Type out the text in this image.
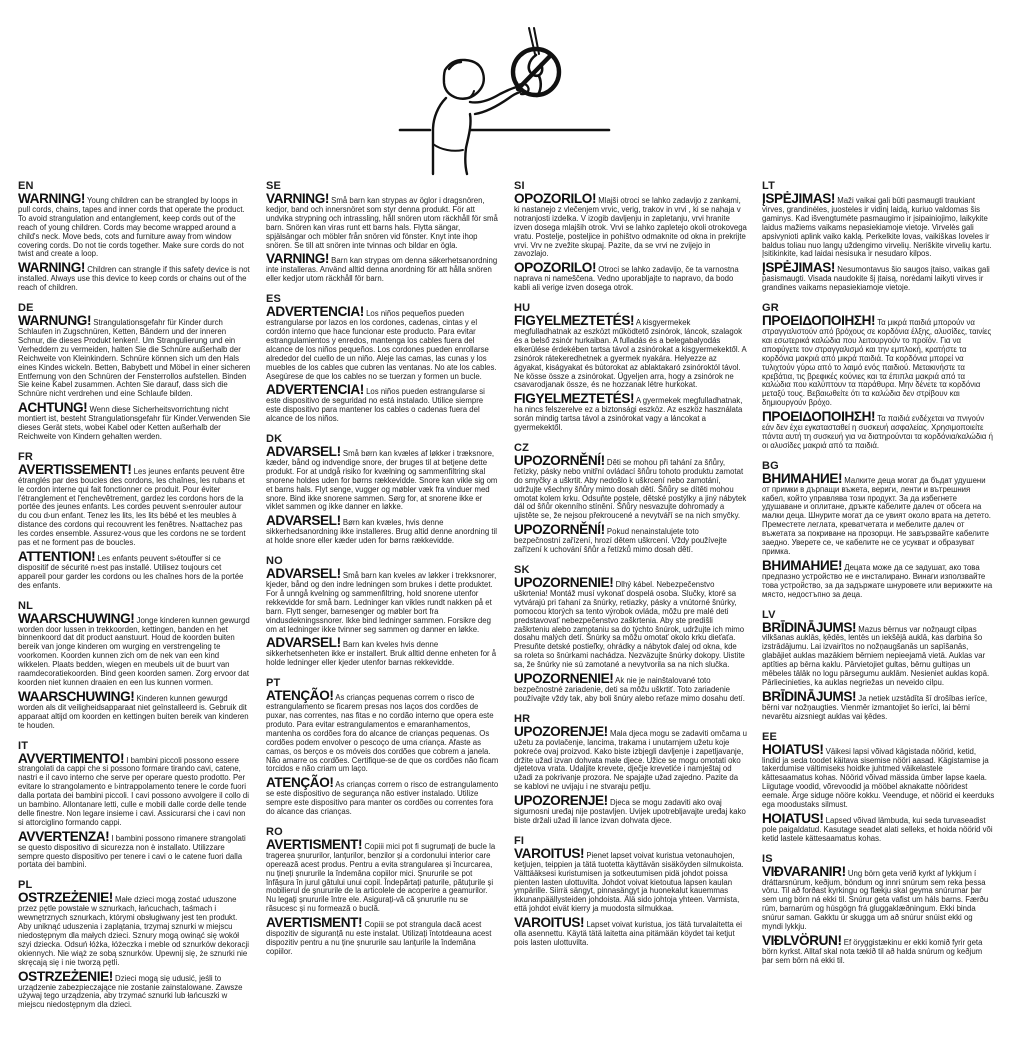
EN

WARNING! Young children can be strangled by loops in pull cords, chains, tapes and inner cords that operate the product. To avoid strangulation and entanglement, keep cords out of the reach of young children. Cords may become wrapped around a child's neck. Move beds, cots and furniture away from window covering cords. Do not tie cords together. Make sure cords do not twist and create a loop.

WARNING! Children can strangle if this safety device is not installed. Always use this device to keep cords or chains out of the reach of children.

DE

WARNUNG! Strangulationsgefahr für Kinder durch Schlaufen in Zugschnüren, Ketten, Bändern und der inneren Schnur, die dieses Produkt lenken!. Um Strangulierung und ein Verheddern zu vermeiden, halten Sie die Schnüre außerhalb der Reichweite von Kleinkindern. Schnüre können sich um den Hals eines Kindes wickeln. Betten, Babybett und Möbel in einer sicheren Entfernung von den Schnüren der Fensterrollos aufstellen. Binden Sie keine Kabel zusammen. Achten Sie darauf, dass sich die Schnüre nicht verdrehen und eine Schlaufe bilden.

ACHTUNG! Wenn diese Sicherheitsvorrichtung nicht montiert ist, besteht Strangulationsgefahr für Kinder.Verwenden Sie dieses Gerät stets, wobei Kabel oder Ketten außerhalb der Reichweite von Kindern gehalten werden.

FR

AVERTISSEMENT! Les jeunes enfants peuvent être étranglés par des boucles des cordons, les chaînes, les rubans et le cordon interne qui fait fonctionner ce produit. Pour éviter l'étranglement et l'enchevêtrement, gardez les cordons hors de la portée des jeunes enfants. Les cordes peuvent s›enrouler autour du cou d›un enfant. Tenez les lits, les lits bébé et les meubles à distance des cordons qui recouvrent les fenêtres. N›attachez pas les cordes ensemble. Assurez-vous que les cordons ne se tordent pas et ne forment pas de boucles.

ATTENTION! Les enfants peuvent s›étouffer si ce dispositif de sécurité n›est pas installé. Utilisez toujours cet appareil pour garder les cordons ou les chaînes hors de la portée des enfants.

NL

WAARSCHUWING! Jonge kinderen kunnen gewurgd worden door lussen in trekkoorden, kettingen, banden en het binnenkoord dat dit product aanstuurt. Houd de koorden buiten bereik van jonge kinderen om wurging en verstrengeling te voorkomen. Koorden kunnen zich om de nek van een kind wikkelen. Plaats bedden, wiegen en meubels uit de buurt van raamdecoratiekoorden. Bind geen koorden samen. Zorg ervoor dat koorden niet kunnen draaien en een lus kunnen vormen.

WAARSCHUWING! Kinderen kunnen gewurgd worden als dit veiligheidsapparaat niet geïnstalleerd is. Gebruik dit apparaat altijd om koorden en kettingen buiten bereik van kinderen te houden.

IT

AVVERTIMENTO! I bambini piccoli possono essere strangolati da cappi che si possono formare tirando cavi, catene, nastri e il cavo interno che serve per operare questo prodotto. Per evitare lo strangolamento e l›intrappolamento tenere le corde fuori dalla portata dei bambini piccoli. I cavi possono avvolgere il collo di un bambino. Allontanare letti, culle e mobili dalle corde delle tende delle finestre. Non legare insieme i cavi. Assicurarsi che i cavi non si attorciglino formando cappi.

AVVERTENZA! I bambini possono rimanere strangolati se questo dispositivo di sicurezza non è installato. Utilizzare sempre questo dispositivo per tenere i cavi o le catene fuori dalla portata dei bambini.

PL

OSTRZEŻENIE! Małe dzieci mogą zostać uduszone przez pętle powstałe w sznurkach, łańcuchach, taśmach i wewnętrznych sznurkach, którymi obsługiwany jest ten produkt. Aby uniknąć uduszenia i zaplątania, trzymaj sznurki w miejscu niedostępnym dla małych dzieci. Sznury mogą owinąć się wokół szyi dziecka. Odsuń łóżka, łóżeczka i meble od sznurków dekoracji okiennych. Nie wiąż ze sobą sznurków. Upewnij się, że sznurki nie skręcają się i nie tworzą pętli.

OSTRZEŻENIE! Dzieci mogą się udusić, jeśli to urządzenie zabezpieczające nie zostanie zainstalowane. Zawsze używaj tego urządzenia, aby trzymać sznurki lub łańcuszki w miejscu niedostępnym dla dzieci.

SE

VARNING! Små barn kan strypas av öglor i dragsnören, kedjor, band och innersnöret som styr denna produkt. För att undvika strypning och intrassling, håll snören utom räckhåll för små barn. Snören kan viras runt ett barns hals. Flytta sängar, spjälsängar och möbler från snören vid fönster. Knyt inte ihop snören. Se till att snören inte tvinnas och bildar en ögla.

VARNING! Barn kan strypas om denna säkerhetsanordning inte installeras. Använd alltid denna anordning för att hålla snören eller kedjor utom räckhåll för barn.

ES

ADVERTENCIA! Los niños pequeños pueden estrangularse por lazos en los cordones, cadenas, cintas y el cordón interno que hace funcionar este producto. Para evitar estrangulamientos y enredos, mantenga los cables fuera del alcance de los niños pequeños. Los cordones pueden enrollarse alrededor del cuello de un niño. Aleje las camas, las cunas y los muebles de los cables que cubren las ventanas. No ate los cables. Asegúrese de que los cables no se tuerzan y formen un bucle.

ADVERTENCIA! Los niños pueden estrangularse si este dispositivo de seguridad no está instalado. Utilice siempre este dispositivo para mantener los cables o cadenas fuera del alcance de los niños.

DK

ADVARSEL! Små børn kan kvæles af løkker i træksnore, kæder, bånd og indvendige snore, der bruges til at betjene dette produkt. For at undgå risiko for kvælning og sammenfiltring skal snorene holdes uden for børns rækkevidde. Snore kan vikle sig om et barns hals. Flyt senge, vugger og møbler væk fra vinduer med snore. Bind ikke snorene sammen. Sørg for, at snorene ikke er viklet sammen og ikke danner en løkke.

ADVARSEL! Børn kan kvæles, hvis denne sikkerhedsanordning ikke installeres. Brug altid denne anordning til at holde snore eller kæder uden for børns rækkevidde.

NO

ADVARSEL! Små barn kan kveles av løkker i trekksnorer, kjeder, bånd og den indre ledningen som brukes i dette produktet. For å unngå kvelning og sammenfiltring, hold snorene utenfor rekkevidde for små barn. Ledninger kan vikles rundt nakken på et barn. Flytt senger, barnesenger og møbler bort fra vindusdekningssnorer. Ikke bind ledninger sammen. Forsikre deg om at ledninger ikke tvinner seg sammen og danner en løkke.

ADVARSEL! Barn kan kveles hvis denne sikkerhetsenheten ikke er installert. Bruk alltid denne enheten for å holde ledninger eller kjeder utenfor barnas rekkevidde.

PT

ATENÇÃO! As crianças pequenas correm o risco de estrangulamento se ficarem presas nos laços dos cordões de puxar, nas correntes, nas fitas e no cordão interno que opera este produto. Para evitar estrangulamentos e emaranhamentos, mantenha os cordões fora do alcance de crianças pequenas. Os cordões podem envolver o pescoço de uma criança. Afaste as camas, os berços e os móveis dos cordões que cobrem a janela. Não amarre os cordões. Certifique-se de que os cordões não ficam torcidos e não criam um laço.

ATENÇÃO! As crianças correm o risco de estrangulamento se este dispositivo de segurança não estiver instalado. Utilize sempre este dispositivo para manter os cordões ou correntes fora do alcance das crianças.

RO

AVERTISMENT! Copiii mici pot fi sugrumați de bucle la tragerea șnururilor, lanțurilor, benzilor și a cordonului interior care operează acest produs. Pentru a evita strangularea și încurcarea, nu țineți șnururile la îndemâna copiilor mici. Șnururile se pot înfășura în jurul gâtului unui copil. Îndepărtați paturile, pătuțurile și mobilierul de șnururile de la articolele de acoperire a geamurilor. Nu legați șnururile între ele. Asigurați-vă că șnururile nu se răsucesc și nu formează o buclă.

AVERTISMENT! Copiii se pot strangula dacă acest dispozitiv de siguranță nu este instalat. Utilizați întotdeauna acest dispozitiv pentru a nu ține șnururile sau lanțurile la îndemâna copiilor.

SI

OPOZORILO! Mlajši otroci se lahko zadavijo z zankami, ki nastanejo z vlečenjem vrvic, verig, trakov in vrvi , ki se nahaja v notranjosti izdelka. V izogib davljenju in zapletanju, vrvi hranite izven dosega mlajših otrok. Vrvi se lahko zapletejo okoli otrokovega vratu. Postelje, posteljice in pohištvo odmaknite od okna in prekrijte vrvi. Vrv ne zvežite skupaj. Pazite, da se vrvi ne zvijejo in zavozlajo.

OPOZORILO! Otroci se lahko zadavijo, če ta varnostna naprava ni nameščena. Vedno uporabljajte to napravo, da bodo kabli ali verige izven dosega otrok.

HU

FIGYELMEZTETÉS! A kisgyermekek megfulladhatnak az eszközt működtető zsinórok, láncok, szalagok és a belső zsinór hurkaiban. A fulladás és a belegabalyodás elkerülése érdekében tartsa távol a zsinórokat a kisgyermekektől. A zsinórok rátekeredhetnek a gyermek nyakára. Helyezze az ágyakat, kiságyakat és bútorokat az ablaktakaró zsinóroktól távol. Ne kösse össze a zsinórokat. Ügyeljen arra, hogy a zsinórok ne csavarodjanak össze, és ne hozzanak létre hurkokat.

FIGYELMEZTETÉS! A gyermekek megfulladhatnak, ha nincs felszerelve ez a biztonsági eszköz. Az eszköz használata során mindig tartsa távol a zsinórokat vagy a láncokat a gyermekektől.

CZ

UPOZORNĚNÍ! Děti se mohou při tahání za šňůry, řetízky, pásky nebo vnitřní ovládací šňůru tohoto produktu zamotat do smyčky a uškrtit. Aby nedošlo k uškrcení nebo zamotání, udržujte všechny šňůry mimo dosah dětí. Šňůry se dítěti mohou omotat kolem krku. Odsuňte postele, dětské postýlky a jiný nábytek dál od šňůr okenního stínění. Šňůry nesvazujte dohromady a ujistěte se, že nejsou překroucené a nevytváří se na nich smyčky.

UPOZORNĚNÍ! Pokud nenainstalujete toto bezpečnostní zařízení, hrozí dětem uškrcení. Vždy používejte zařízení k uchování šňůr a řetízků mimo dosah dětí.

SK

UPOZORNENIE! Dlhý kábel. Nebezpečenstvo uškrtenia! Montáž musí vykonať dospelá osoba. Slučky, ktoré sa vytvárajú pri ťahaní za šnúrky, retiazky, pásky a vnútorné šnúrky, pomocou ktorých sa tento výrobok ovláda, môžu pre malé deti predstavovať nebezpečenstvo zaškrtenia. Aby ste predišli zaškrteniu alebo zamotaniu sa do týchto šnúrok, udržujte ich mimo dosahu malých detí. Šnúrky sa môžu omotať okolo krku dieťaťa. Presuňte detské postieľky, ohrádky a nábytok ďalej od okna, kde sa roleta so šnúrkami nachádza. Nezväzujte šnúrky dokopy. Uistite sa, že šnúrky nie sú zamotané a nevytvorila sa na nich slučka.

UPOZORNENIE! Ak nie je nainštalované toto bezpečnostné zariadenie, deti sa môžu uškrtiť. Toto zariadenie používajte vždy tak, aby boli šnúry alebo reťaze mimo dosahu detí.

HR

UPOZORENJE! Mala djeca mogu se zadaviti omčama u užetu za povlačenje, lancima, trakama i unutarnjem užetu koje pokreće ovaj proizvod. Kako biste izbjegli davljenje i zapetljavanje, držite užad izvan dohvata male djece. Užice se mogu omotati oko djetetova vrata. Udaljite krevete, dječje krevetiće i namještaj od užadi za pokrivanje prozora. Ne spajajte užad zajedno. Pazite da se kablovi ne uvijaju i ne stvaraju petlju.

UPOZORENJE! Djeca se mogu zadaviti ako ovaj sigurnosni uređaj nije postavljen. Uvijek upotrebljavajte uređaj kako biste držali užad ili lance izvan dohvata djece.

FI

VAROITUS! Pienet lapset voivat kuristua vetonauhojen, ketjujen, teippien ja tätä tuotetta käyttävän sisäköyden silmukoista. Välttääksesi kuristumisen ja sotkeutumisen pidä johdot poissa pienten lasten ulottuvilta. Johdot voivat kietoutua lapsen kaulan ympärille. Siirrä sängyt, pinnasängyt ja huonekalut kauemmas ikkunanpäällysteiden johdoista. Älä sido johtoja yhteen. Varmista, että johdot eivät kierry ja muodosta silmukkaa.

VAROITUS! Lapset voivat kuristua, jos tätä turvalaitetta ei olla asennettu. Käytä tätä laitetta aina pitämään köydet tai ketjut pois lasten ulottuvilta.

LT

ĮSPĖJIMAS! Maži vaikai gali būti pasmaugti traukiant virves, grandinėles, juosteles ir vidinį laidą, kuriuo valdomas šis gaminys. Kad išvengtumėte pasmaugimo ir įsipainiojimo, laikykite laidus mažiems vaikams nepasiekiamoje vietoje. Virvelės gali apsivynioti aplink vaiko kaklą. Perkelkite lovas, vaikiškas loveles ir baldus toliau nuo langų uždengimo virvelių. Neriškite virvelių kartu. Įsitikinkite, kad laidai nesisuka ir nesudaro kilpos.

ĮSPĖJIMAS! Nesumontavus šio saugos įtaiso, vaikas gali pasismaugti. Visada naudokite šį įtaisą, norėdami laikyti virves ir grandines vaikams nepasiekiamoje vietoje.

GR

ΠΡΟΕΙΔΟΠΟΙΗΣΗ! Τα μικρά παιδιά μπορούν να στραγγαλιστούν από βρόχους σε κορδόνια έλξης, αλυσίδες, ταινίες και εσωτερικά καλώδια που λειτουργούν το προϊόν. Για να αποφύγετε τον στραγγαλισμό και την εμπλοκή, κρατήστε τα κορδόνια μακριά από μικρά παιδιά. Τα κορδόνια μπορεί να τυλιχτούν γύρω από το λαιμό ενός παιδιού. Μετακινήστε τα κρεβάτια, τις βρεφικές κούνιες και τα έπιπλα μακριά από τα καλώδια που καλύπτουν τα παράθυρα. Μην δένετε τα κορδόνια μεταξύ τους. Βεβαιωθείτε ότι τα καλώδια δεν στρίβουν και δημιουργούν βρόχο.

ΠΡΟΕΙΔΟΠΟΙΗΣΗ! Τα παιδιά ενδέχεται να πνιγούν εάν δεν έχει εγκατασταθεί η συσκευή ασφαλείας. Χρησιμοποιείτε πάντα αυτή τη συσκευή για να διατηρούνται τα κορδόνια/καλώδια ή οι αλυσίδες μακριά από τα παιδιά.

BG

ВНИМАНИЕ! Малките деца могат да бъдат удушени от примки в дърпащи въжета, вериги, ленти и вътрешния кабел, който управлява този продукт. За да избегнете удушаване и оплитане, дръжте кабелите далеч от обсега на малки деца. Шнурите могат да се увият около врата на детето. Преместете леглата, креватчетата и мебелите далеч от въжетата за покриване на прозорци. Не завързвайте кабелите заедно. Уверете се, че кабелите не се усукват и образуват примка.

ВНИМАНИЕ! Децата може да се задушат, ако това предпазно устройство не е инсталирано. Винаги използвайте това устройство, за да задържате шнуровете или верижките на място, недостъпно за деца.

LV

BRĪDINĀJUMS! Mazus bērnus var nožņaugt cilpas vilkšanas auklās, ķēdēs, lentēs un iekšējā auklā, kas darbina šo izstrādājumu. Lai izvairītos no nožņaugšanās un sapīšanās, glabājiet auklas mazākiem bērniem nepieejamā vietā. Auklas var aptīties ap bērna kaklu. Pārvietojiet gultas, bērnu gultiņas un mēbeles tālāk no logu pārsegumu auklām. Nesieniet auklas kopā. Pārliecinieties, ka auklas negriežas un neveido cilpu.

BRĪDINĀJUMS! Ja netiek uzstādīta šī drošības ierīce, bērni var nožņaugties. Vienmēr izmantojiet šo ierīci, lai bērni nevarētu aizsniegt auklas vai ķēdes.

EE

HOIATUS! Väikesi lapsi võivad kägistada nöörid, ketid, lindid ja seda toodet käitava sisemise nööri aasad. Kägistamise ja takerdumise vältimiseks hoidke juhtmed väikelastele kättesaamatus kohas. Nöörid võivad mässida ümber lapse kaela. Liigutage voodid, võrevoodid ja mööbel aknakatte nööridest eemale. Ärge siduge nööre kokku. Veenduge, et nöörid ei keerduks ega moodustaks silmust.

HOIATUS! Lapsed võivad lämbuda, kui seda turvaseadist pole paigaldatud. Kasutage seadet alati selleks, et hoida nöörid või ketid lastele kättesaamatus kohas.

IS

VIÐVARANIR! Ung börn geta verið kyrkt af lykkjum í dráttarsnúrum, keðjum, böndum og innri snúrum sem reka þessa vöru. Til að forðast kyrkingu og flækju skal geyma snúrurnar þar sem ung börn ná ekki til. Snúrur geta vafist um háls barns. Færðu rúm, barnarúm og húsgögn frá gluggaklæðningum. Ekki binda snúrur saman. Gakktu úr skugga um að snúrur snúist ekki og myndi lykkju.

VIÐLVÖRUN! Ef öryggistækinu er ekki komið fyrir geta börn kyrkst. Alltaf skal nota tækið til að halda snúrum og keðjum þar sem börn ná ekki til.
